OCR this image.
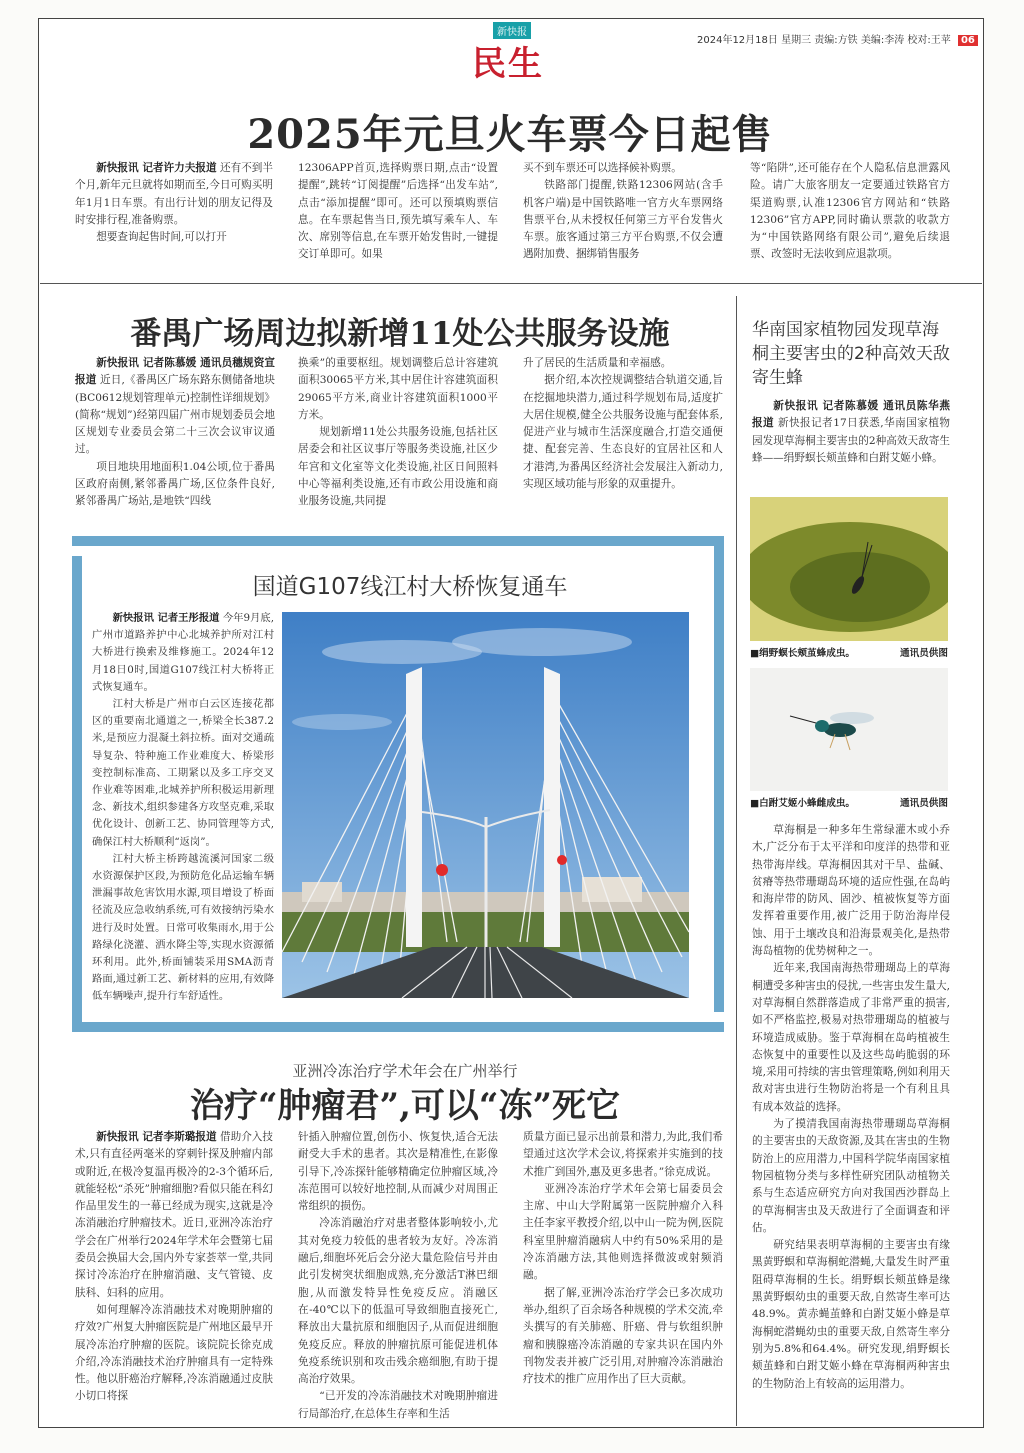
新快报
民生
2024年12月18日 星期三 责编:方铁 美编:李涛 校对:王苹 06
2025年元旦火车票今日起售

新快报讯 记者许力夫报道 还有不到半个月,新年元旦就将如期而至,今日可购买明年1月1日车票。有出行计划的朋友记得及时安排行程,准备购票。

想要查询起售时间,可以打开

12306APP首页,选择购票日期,点击“设置提醒”,跳转“订阅提醒”后选择“出发车站”,点击“添加提醒”即可。还可以预填购票信息。在车票起售当日,预先填写乘车人、车次、席别等信息,在车票开始发售时,一键提交订单即可。如果

买不到车票还可以选择候补购票。

铁路部门提醒,铁路12306网站(含手机客户端)是中国铁路唯一官方火车票网络售票平台,从未授权任何第三方平台发售火车票。旅客通过第三方平台购票,不仅会遭遇附加费、捆绑销售服务

等“陷阱”,还可能存在个人隐私信息泄露风险。请广大旅客朋友一定要通过铁路官方渠道购票,认准12306官方网站和“铁路12306”官方APP,同时确认票款的收款方为“中国铁路网络有限公司”,避免后续退票、改签时无法收到应退款项。

番禺广场周边拟新增11处公共服务设施

新快报讯 记者陈慕媛 通讯员穗规资宣报道 近日,《番禺区广场东路东侧储备地块(BC0612规划管理单元)控制性详细规划》(简称“规划”)经第四届广州市规划委员会地区规划专业委员会第二十三次会议审议通过。

项目地块用地面积1.04公顷,位于番禺区政府南侧,紧邻番禺广场,区位条件良好,紧邻番禺广场站,是地铁“四线

换乘”的重要枢纽。规划调整后总计容建筑面积30065平方米,其中居住计容建筑面积29065平方米,商业计容建筑面积1000平方米。

规划新增11处公共服务设施,包括社区居委会和社区议事厅等服务类设施,社区少年宫和文化室等文化类设施,社区日间照料中心等福利类设施,还有市政公用设施和商业服务设施,共同提

升了居民的生活质量和幸福感。

据介绍,本次控规调整结合轨道交通,旨在挖掘地块潜力,通过科学规划布局,适度扩大居住规模,健全公共服务设施与配套体系,促进产业与城市生活深度融合,打造交通便捷、配套完善、生态良好的宜居社区和人才港湾,为番禺区经济社会发展注入新动力,实现区域功能与形象的双重提升。

国道G107线江村大桥恢复通车

新快报讯 记者王彤报道 今年9月底,广州市道路养护中心北城养护所对江村大桥进行换索及维修施工。2024年12月18日0时,国道G107线江村大桥将正式恢复通车。

江村大桥是广州市白云区连接花都区的重要南北通道之一,桥梁全长387.2米,是预应力混凝土斜拉桥。面对交通疏导复杂、特种施工作业难度大、桥梁形变控制标准高、工期紧以及多工序交叉作业难等困难,北城养护所积极运用新理念、新技术,组织参建各方攻坚克难,采取优化设计、创新工艺、协同管理等方式,确保江村大桥顺利“返岗”。

江村大桥主桥跨越流溪河国家二级水资源保护区段,为预防危化品运输车辆泄漏事故危害饮用水源,项目增设了桥面径流及应急收纳系统,可有效接纳污染水进行及时处置。日常可收集雨水,用于公路绿化浇灌、洒水降尘等,实现水资源循环利用。此外,桥面铺装采用SMA沥青路面,通过新工艺、新材料的应用,有效降低车辆噪声,提升行车舒适性。

亚洲冷冻治疗学术年会在广州举行
治疗“肿瘤君”,可以“冻”死它

新快报讯 记者李斯璐报道 借助介入技术,只有直径两毫米的穿刺针探及肿瘤内部或附近,在极冷复温再极冷的2-3个循环后,就能轻松“杀死”肿瘤细胞?看似只能在科幻作品里发生的一幕已经成为现实,这就是冷冻消融治疗肿瘤技术。近日,亚洲冷冻治疗学会在广州举行2024年学术年会暨第七届委员会换届大会,国内外专家荟萃一堂,共同探讨冷冻治疗在肿瘤消融、支气管镜、皮肤科、妇科的应用。

如何理解冷冻消融技术对晚期肿瘤的疗效?广州复大肿瘤医院是广州地区最早开展冷冻治疗肿瘤的医院。该院院长徐克成介绍,冷冻消融技术治疗肿瘤具有一定特殊性。他以肝癌治疗解释,冷冻消融通过皮肤小切口将探

针插入肿瘤位置,创伤小、恢复快,适合无法耐受大手术的患者。其次是精准性,在影像引导下,冷冻探针能够精确定位肿瘤区域,冷冻范围可以较好地控制,从而减少对周围正常组织的损伤。

冷冻消融治疗对患者整体影响较小,尤其对免疫力较低的患者较为友好。冷冻消融后,细胞坏死后会分泌大量危险信号并由此引发树突状细胞成熟,充分激活T淋巴细胞,从而激发特异性免疫反应。消融区在-40℃以下的低温可导致细胞直接死亡,释放出大量抗原和细胞因子,从而促进细胞免疫反应。释放的肿瘤抗原可能促进机体免疫系统识别和攻击残余癌细胞,有助于提高治疗效果。

“已开发的冷冻消融技术对晚期肿瘤进行局部治疗,在总体生存率和生活

质量方面已显示出前景和潜力,为此,我们希望通过这次学术会议,将探索并实施到的技术推广到国外,惠及更多患者。”徐克成说。

亚洲冷冻治疗学术年会第七届委员会主席、中山大学附属第一医院肿瘤介入科主任李家平教授介绍,以中山一院为例,医院科室里肿瘤消融病人中约有50%采用的是冷冻消融方法,其他则选择微波或射频消融。

据了解,亚洲冷冻治疗学会已多次成功举办,组织了百余场各种规模的学术交流,牵头撰写的有关肺癌、肝癌、骨与软组织肿瘤和胰腺癌冷冻消融的专家共识在国内外刊物发表并被广泛引用,对肿瘤冷冻消融治疗技术的推广应用作出了巨大贡献。

华南国家植物园发现草海桐主要害虫的2种高效天敌寄生蜂

新快报讯 记者陈慕媛 通讯员陈华燕报道 新快报记者17日获悉,华南国家植物园发现草海桐主要害虫的2种高效天敌寄生蜂——绢野螟长颊茧蜂和白跗艾姬小蜂。

■绢野螟长颊茧蜂成虫。	通讯员供图
■白跗艾姬小蜂雌成虫。	通讯员供图

草海桐是一种多年生常绿灌木或小乔木,广泛分布于太平洋和印度洋的热带和亚热带海岸线。草海桐因其对干旱、盐碱、贫瘠等热带珊瑚岛环境的适应性强,在岛屿和海岸带的防风、固沙、植被恢复等方面发挥着重要作用,被广泛用于防治海岸侵蚀、用于土壤改良和沿海景观美化,是热带海岛植物的优势树种之一。

近年来,我国南海热带珊瑚岛上的草海桐遭受多种害虫的侵扰,一些害虫发生量大,对草海桐自然群落造成了非常严重的损害,如不严格监控,极易对热带珊瑚岛的植被与环境造成威胁。鉴于草海桐在岛屿植被生态恢复中的重要性以及这些岛屿脆弱的环境,采用可持续的害虫管理策略,例如利用天敌对害虫进行生物防治将是一个有利且具有成本效益的选择。

为了摸清我国南海热带珊瑚岛草海桐的主要害虫的天敌资源,及其在害虫的生物防治上的应用潜力,中国科学院华南国家植物园植物分类与多样性研究团队动植物关系与生态适应研究方向对我国西沙群岛上的草海桐害虫及天敌进行了全面调查和评估。

研究结果表明草海桐的主要害虫有缘黑黄野螟和草海桐蛇潜蝇,大量发生时严重阻碍草海桐的生长。绢野螟长颊茧蜂是缘黑黄野螟幼虫的重要天敌,自然寄生率可达48.9%。黄赤蝇茧蜂和白跗艾姬小蜂是草海桐蛇潜蝇幼虫的重要天敌,自然寄生率分别为5.8%和64.4%。研究发现,绢野螟长颊茧蜂和白跗艾姬小蜂在草海桐两种害虫的生物防治上有较高的运用潜力。
